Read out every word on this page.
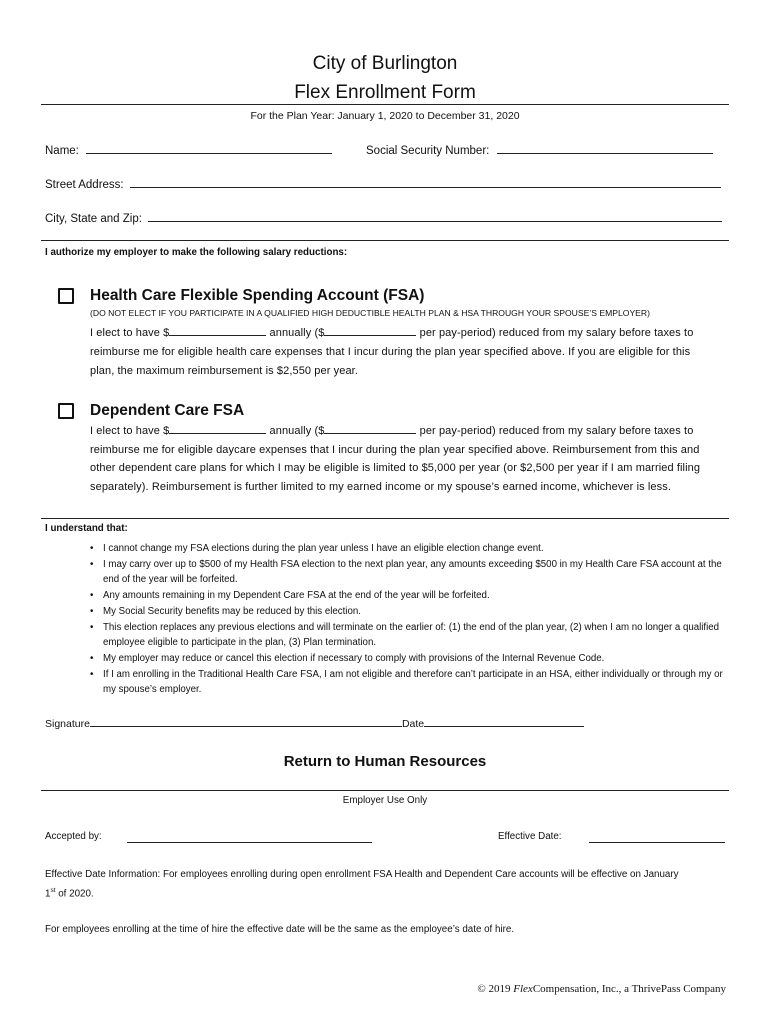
City of Burlington
Flex Enrollment Form
For the Plan Year: January 1, 2020 to December 31, 2020
Name:	Social Security Number:
Street Address:
City, State and Zip:
I authorize my employer to make the following salary reductions:
Health Care Flexible Spending Account (FSA)
(DO NOT ELECT IF YOU PARTICIPATE IN A QUALIFIED HIGH DEDUCTIBLE HEALTH PLAN & HSA THROUGH YOUR SPOUSE’S EMPLOYER)
I elect to have $	annually ($	per pay-period) reduced from my salary before taxes to
reimburse me for eligible health care expenses that I incur during the plan year specified above. If you are eligible for this
plan, the maximum reimbursement is $2,550 per year.
Dependent Care FSA
I elect to have $	annually ($	per pay-period) reduced from my salary before taxes to
reimburse me for eligible daycare expenses that I incur during the plan year specified above. Reimbursement from this and
other dependent care plans for which I may be eligible is limited to $5,000 per year (or $2,500 per year if I am married filing
separately). Reimbursement is further limited to my earned income or my spouse’s earned income, whichever is less.
I understand that:
• I cannot change my FSA elections during the plan year unless I have an eligible election change event.
• I may carry over up to $500 of my Health FSA election to the next plan year, any amounts exceeding $500 in my Health Care FSA account at the end of the year will be forfeited.
• Any amounts remaining in my Dependent Care FSA at the end of the year will be forfeited.
• My Social Security benefits may be reduced by this election.
• This election replaces any previous elections and will terminate on the earlier of: (1) the end of the plan year, (2) when I am no longer a qualified employee eligible to participate in the plan, (3) Plan termination.
• My employer may reduce or cancel this election if necessary to comply with provisions of the Internal Revenue Code.
• If I am enrolling in the Traditional Health Care FSA, I am not eligible and therefore can’t participate in an HSA, either individually or through my or my spouse’s employer.
Signature	Date
Return to Human Resources
Employer Use Only
Accepted by:	Effective Date:
Effective Date Information: For employees enrolling during open enrollment FSA Health and Dependent Care accounts will be effective on January
1st of 2020.
For employees enrolling at the time of hire the effective date will be the same as the employee’s date of hire.
© 2019 FlexCompensation, Inc., a ThrivePass Company
